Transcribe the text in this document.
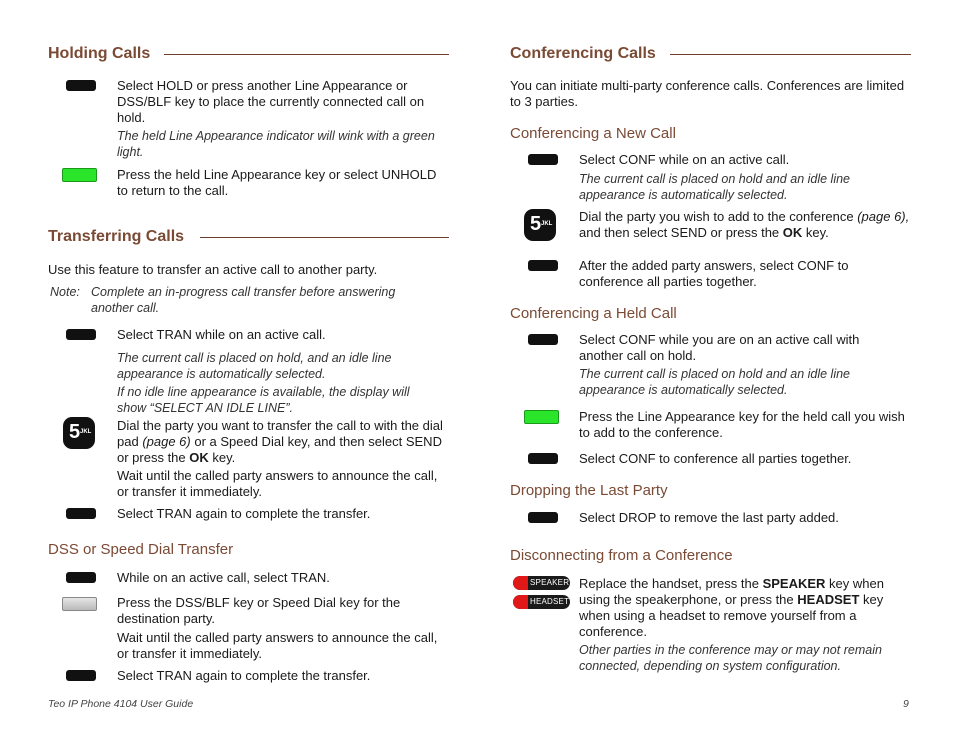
Holding Calls
Select HOLD or press another Line Appearance or DSS/BLF key to place the currently connected call on hold.
The held Line Appearance indicator will wink with a green light.
Press the held Line Appearance key or select UNHOLD to return to the call.
Transferring Calls
Use this feature to transfer an active call to another party.
Note: Complete an in-progress call transfer before answering another call.
Select TRAN while on an active call.
The current call is placed on hold, and an idle line appearance is automatically selected.
If no idle line appearance is available, the display will show “SELECT AN IDLE LINE”.
5 JKL Dial the party you want to transfer the call to with the dial pad (page 6) or a Speed Dial key, and then select SEND or press the OK key.
Wait until the called party answers to announce the call, or transfer it immediately.
Select TRAN again to complete the transfer.
DSS or Speed Dial Transfer
While on an active call, select TRAN.
Press the DSS/BLF key or Speed Dial key for the destination party.
Wait until the called party answers to announce the call, or transfer it immediately.
Select TRAN again to complete the transfer.
Conferencing Calls
You can initiate multi-party conference calls. Conferences are limited to 3 parties.
Conferencing a New Call
Select CONF while on an active call.
The current call is placed on hold and an idle line appearance is automatically selected.
5 JKL Dial the party you wish to add to the conference (page 6), and then select SEND or press the OK key.
After the added party answers, select CONF to conference all parties together.
Conferencing a Held Call
Select CONF while you are on an active call with another call on hold.
The current call is placed on hold and an idle line appearance is automatically selected.
Press the Line Appearance key for the held call you wish to add to the conference.
Select CONF to conference all parties together.
Dropping the Last Party
Select DROP to remove the last party added.
Disconnecting from a Conference
SPEAKER
HEADSET
Replace the handset, press the SPEAKER key when using the speakerphone, or press the HEADSET key when using a headset to remove yourself from a conference.
Other parties in the conference may or may not remain connected, depending on system configuration.
Teo IP Phone 4104 User Guide	9
